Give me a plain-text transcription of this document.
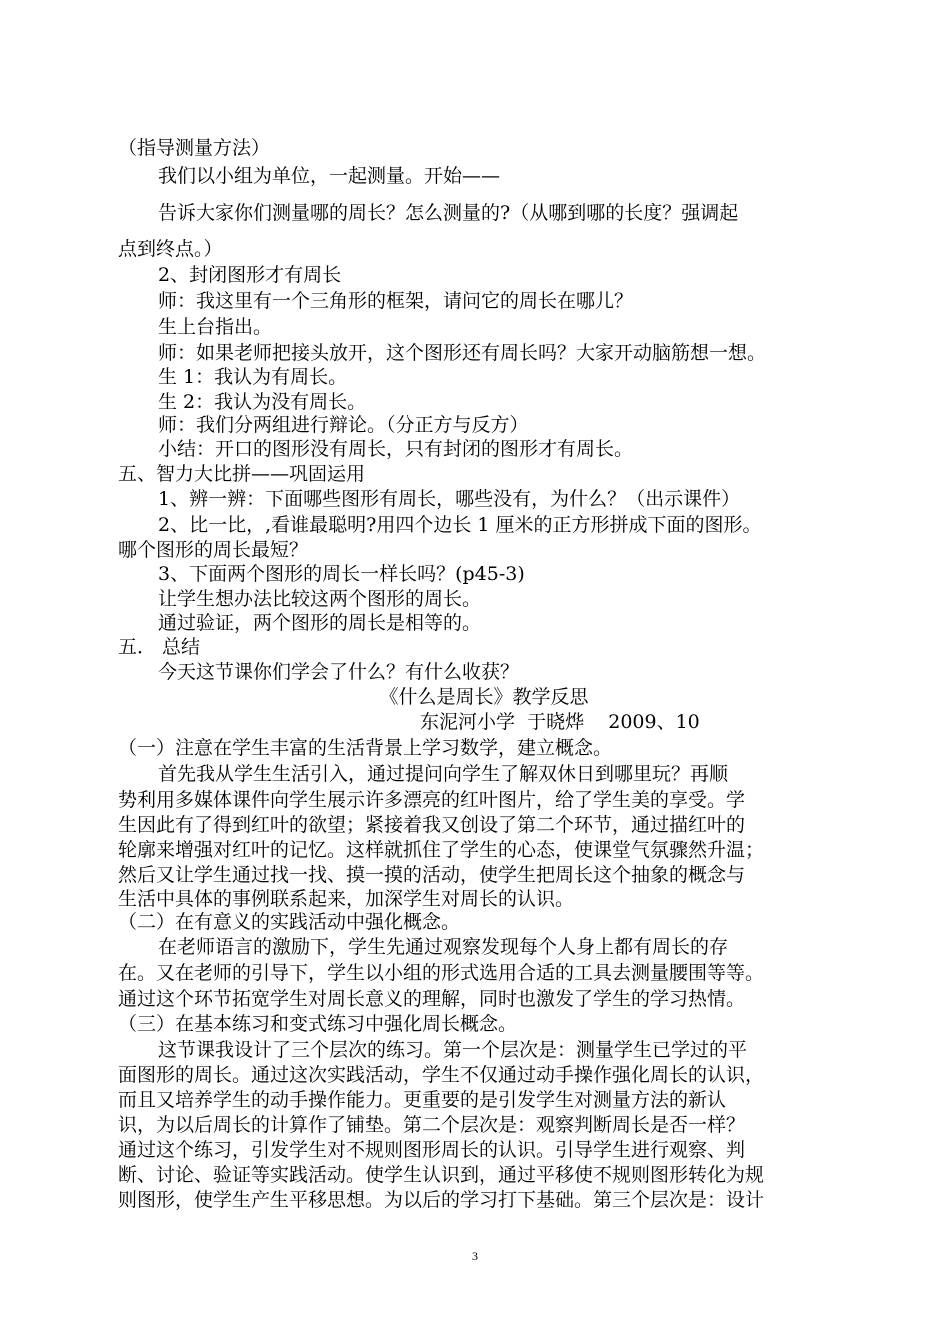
（指导测量方法）

我们以小组为单位，一起测量。开始——

告诉大家你们测量哪的周长？怎么测量的?（从哪到哪的长度？强调起

点到终点。）

2、封闭图形才有周长

师：我这里有一个三角形的框架，请问它的周长在哪儿？

生上台指出。

师：如果老师把接头放开，这个图形还有周长吗？大家开动脑筋想一想。

生 1：我认为有周长。

生 2：我认为没有周长。

师：我们分两组进行辩论。（分正方与反方）

小结：开口的图形没有周长，只有封闭的图形才有周长。

五、智力大比拼——巩固运用

1、辨一辨：下面哪些图形有周长，哪些没有，为什么？（出示课件）

2、比一比，,看谁最聪明?用四个边长 1 厘米的正方形拼成下面的图形。

哪个图形的周长最短？

3、下面两个图形的周长一样长吗？(p45-3)

让学生想办法比较这两个图形的周长。

通过验证，两个图形的周长是相等的。

五． 总结

今天这节课你们学会了什么？有什么收获？

《什么是周长》教学反思

东泥河小学  于晓烨    2009、10

（一）注意在学生丰富的生活背景上学习数学，建立概念。

首先我从学生生活引入，通过提问向学生了解双休日到哪里玩？再顺

势利用多媒体课件向学生展示许多漂亮的红叶图片，给了学生美的享受。学

生因此有了得到红叶的欲望；紧接着我又创设了第二个环节，通过描红叶的

轮廓来增强对红叶的记忆。这样就抓住了学生的心态，使课堂气氛骤然升温；

然后又让学生通过找一找、摸一摸的活动，使学生把周长这个抽象的概念与

生活中具体的事例联系起来，加深学生对周长的认识。

（二）在有意义的实践活动中强化概念。

在老师语言的激励下，学生先通过观察发现每个人身上都有周长的存

在。又在老师的引导下，学生以小组的形式选用合适的工具去测量腰围等等。

通过这个环节拓宽学生对周长意义的理解，同时也激发了学生的学习热情。

（三）在基本练习和变式练习中强化周长概念。

这节课我设计了三个层次的练习。第一个层次是：测量学生已学过的平

面图形的周长。通过这次实践活动，学生不仅通过动手操作强化周长的认识，

而且又培养学生的动手操作能力。更重要的是引发学生对测量方法的新认

识，为以后周长的计算作了铺垫。第二个层次是：观察判断周长是否一样？

通过这个练习，引发学生对不规则图形周长的认识。引导学生进行观察、判

断、讨论、验证等实践活动。使学生认识到，通过平移使不规则图形转化为规

则图形，使学生产生平移思想。为以后的学习打下基础。第三个层次是：设计

3
